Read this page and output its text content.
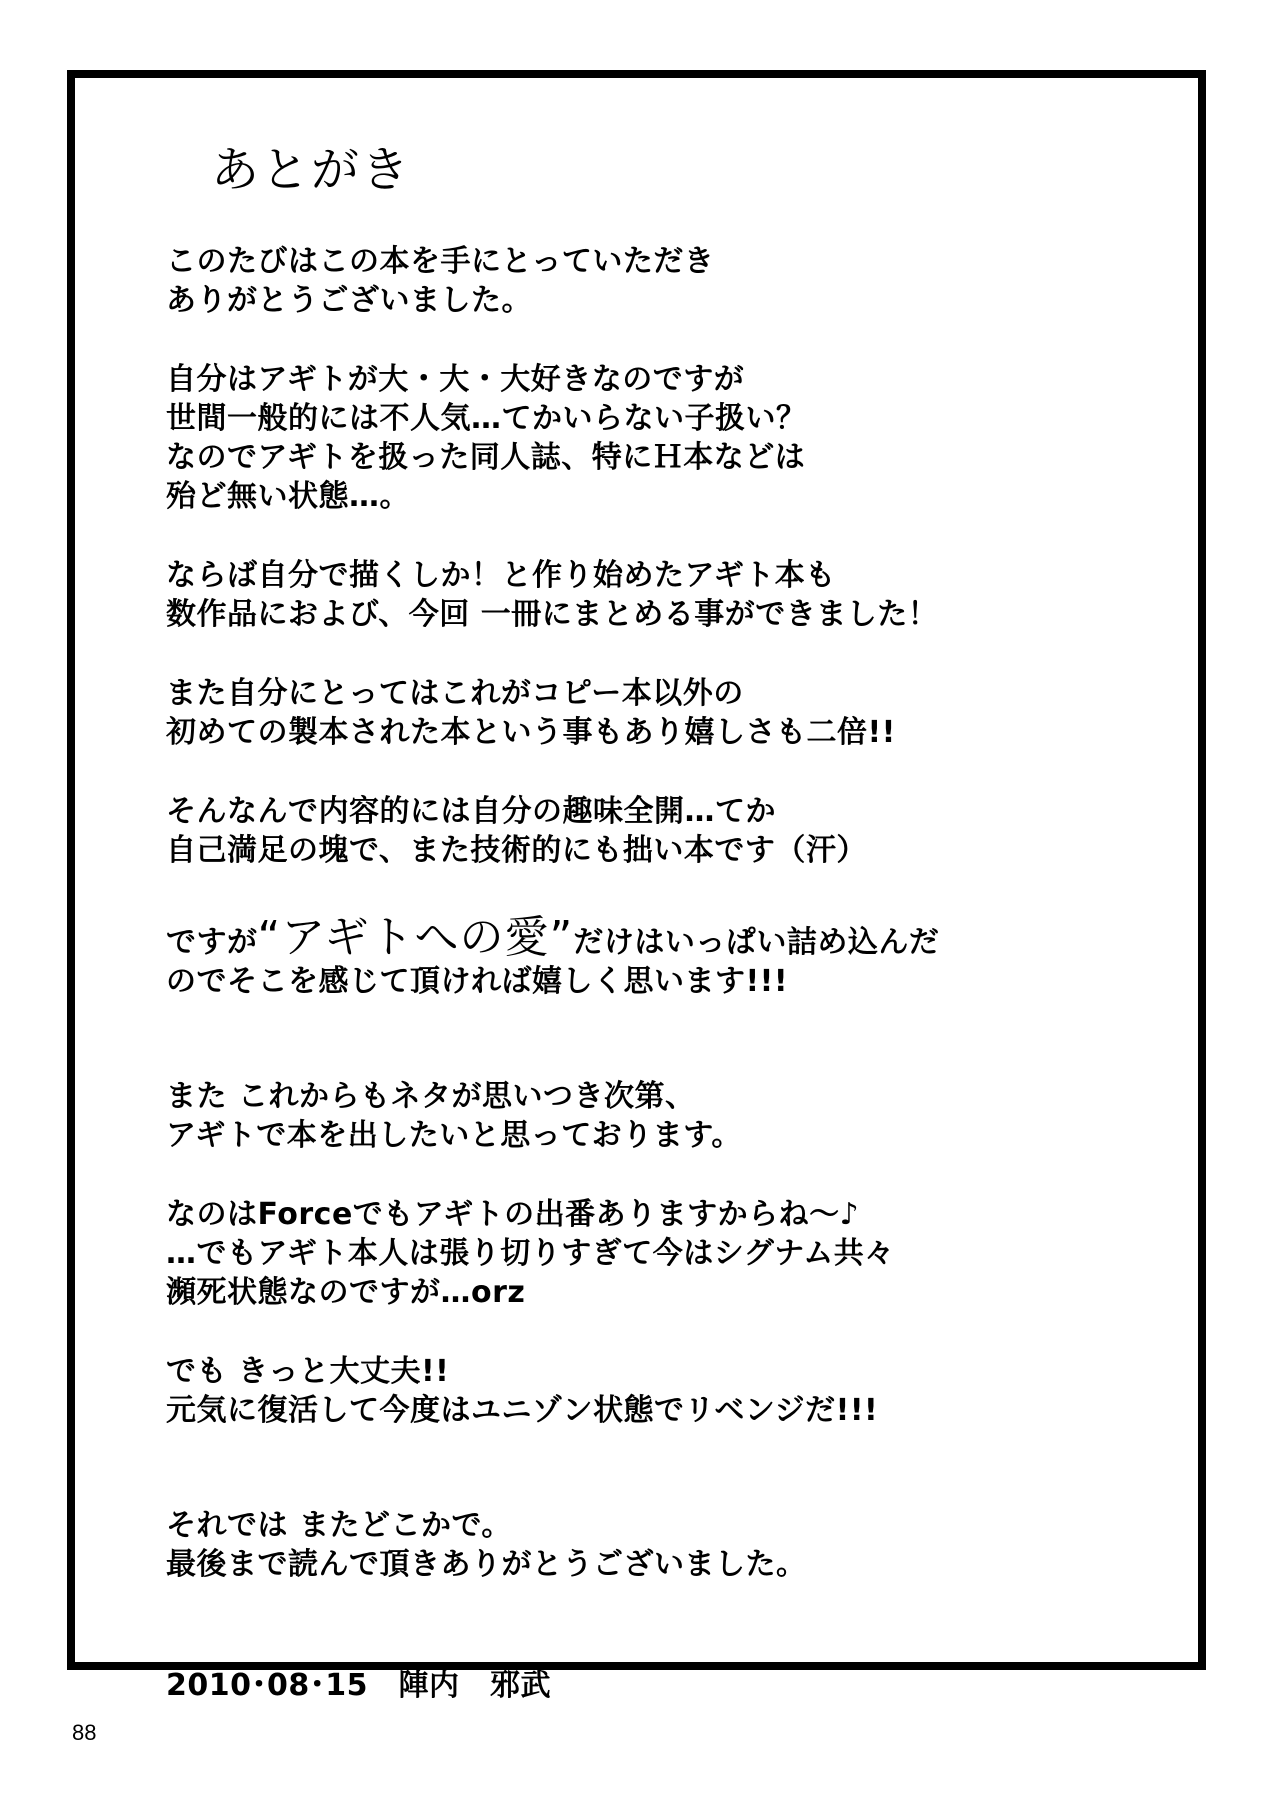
あとがき
このたびはこの本を手にとっていただき
ありがとうございました。
自分はアギトが大・大・大好きなのですが
世間一般的には不人気…てかいらない子扱い？
なのでアギトを扱った同人誌、特にＨ本などは
殆ど無い状態…。
ならば自分で描くしか！と作り始めたアギト本も
数作品におよび、今回 一冊にまとめる事ができました！
また自分にとってはこれがコピー本以外の
初めての製本された本という事もあり嬉しさも二倍!!
そんなんで内容的には自分の趣味全開…てか
自己満足の塊で、また技術的にも拙い本です（汗）
ですが“アギトへの愛”だけはいっぱい詰め込んだ
のでそこを感じて頂ければ嬉しく思います!!!
また これからもネタが思いつき次第、
アギトで本を出したいと思っております。
なのはForceでもアギトの出番ありますからね～♪
…でもアギト本人は張り切りすぎて今はシグナム共々
瀕死状態なのですが…orz
でも きっと大丈夫!!
元気に復活して今度はユニゾン状態でリベンジだ!!!
それでは またどこかで。
最後まで読んで頂きありがとうございました。
2010･08･15　陣内　邪武
88
